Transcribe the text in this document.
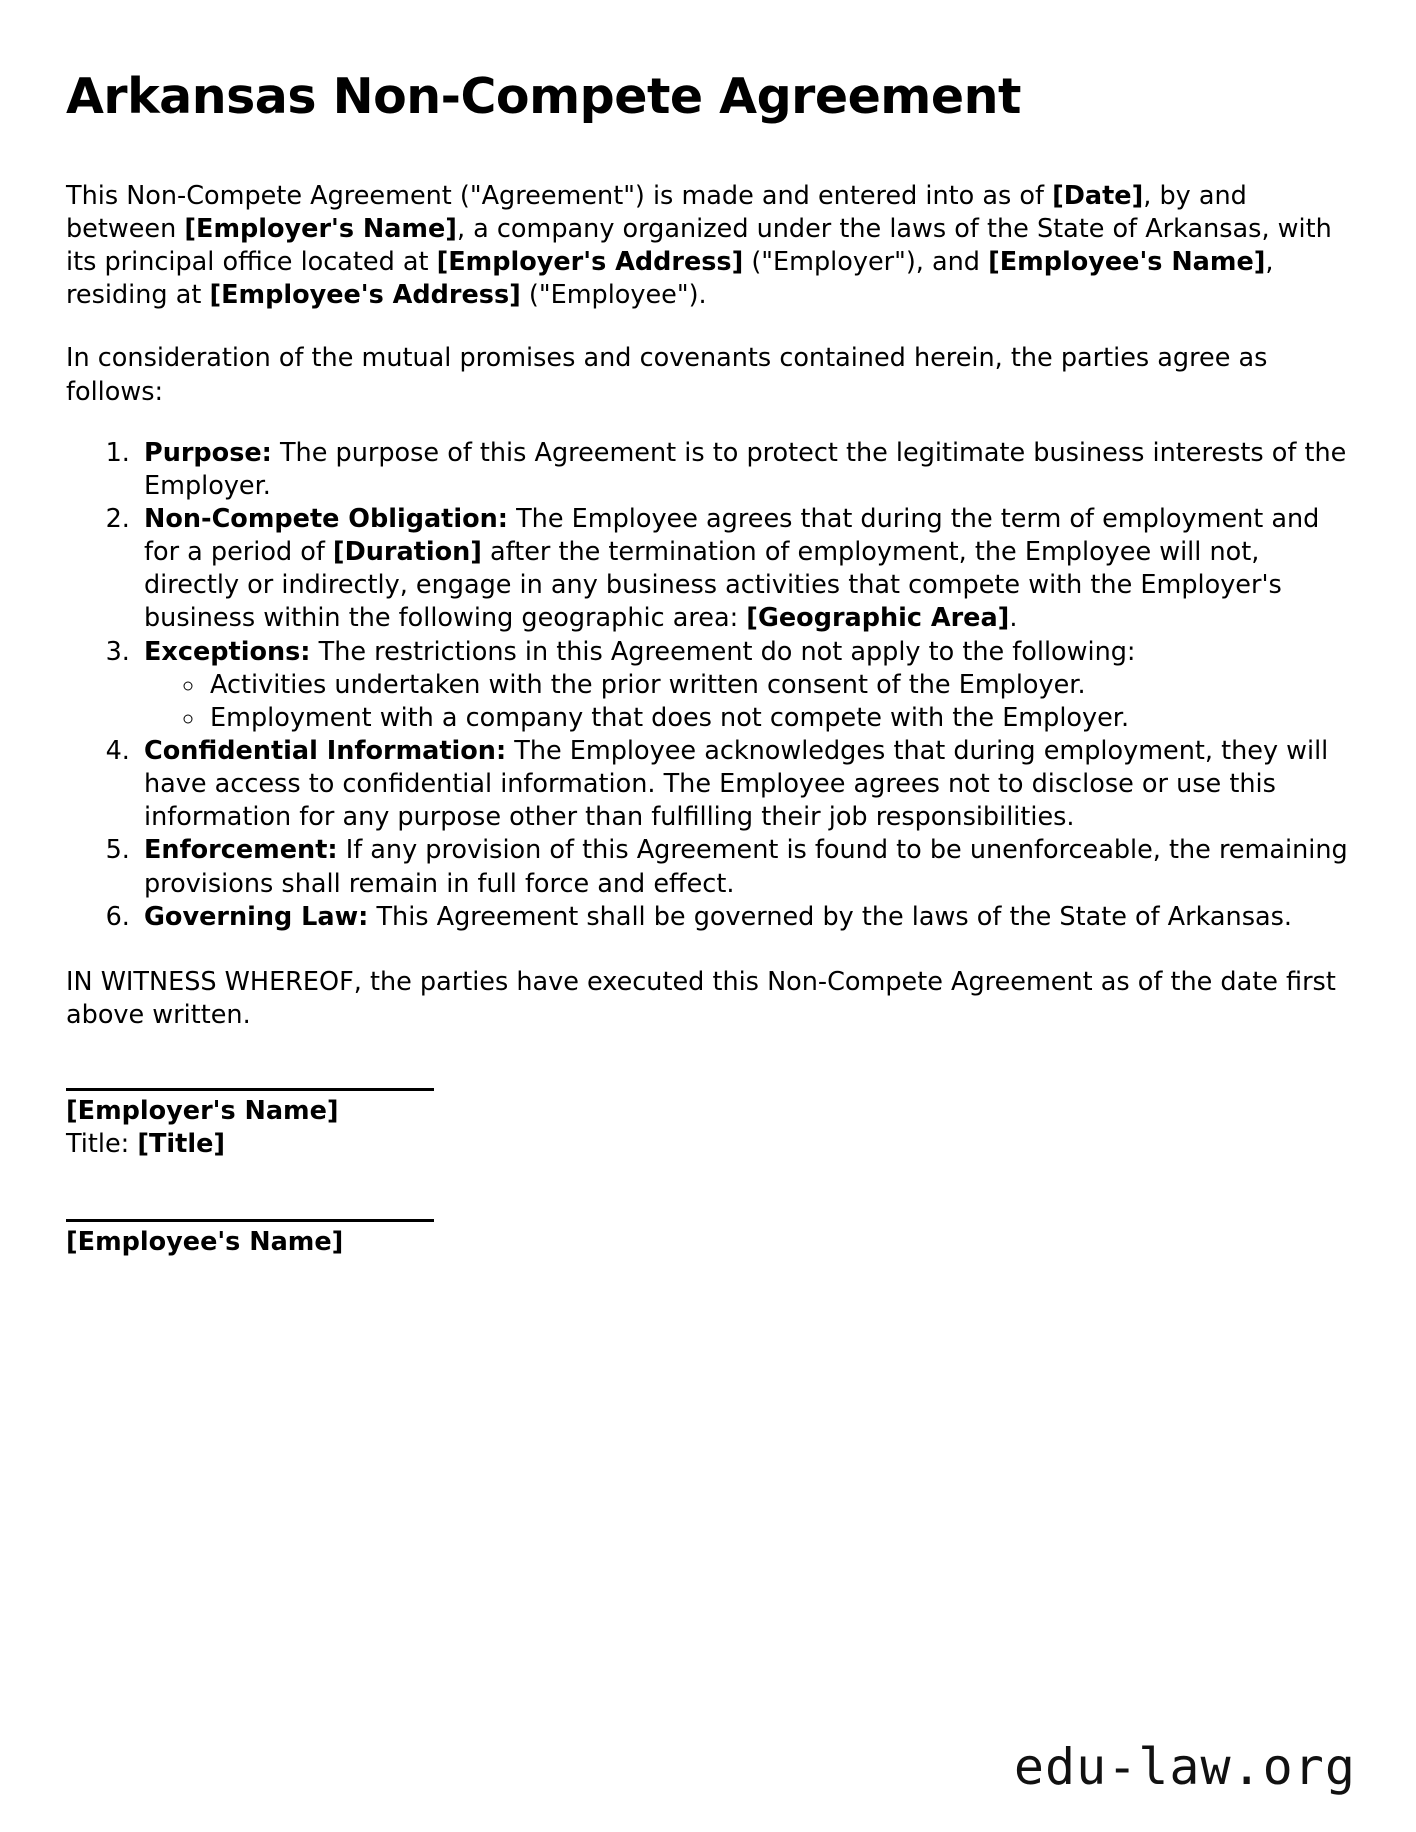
Arkansas Non-Compete Agreement

This Non-Compete Agreement ("Agreement") is made and entered into as of [Date], by and between [Employer's Name], a company organized under the laws of the State of Arkansas, with its principal office located at [Employer's Address] ("Employer"), and [Employee's Name], residing at [Employee's Address] ("Employee").

In consideration of the mutual promises and covenants contained herein, the parties agree as follows:

1. Purpose: The purpose of this Agreement is to protect the legitimate business interests of the Employer.
2. Non-Compete Obligation: The Employee agrees that during the term of employment and for a period of [Duration] after the termination of employment, the Employee will not, directly or indirectly, engage in any business activities that compete with the Employer's business within the following geographic area: [Geographic Area].
3. Exceptions: The restrictions in this Agreement do not apply to the following:
◦ Activities undertaken with the prior written consent of the Employer.
◦ Employment with a company that does not compete with the Employer.
4. Confidential Information: The Employee acknowledges that during employment, they will have access to confidential information. The Employee agrees not to disclose or use this information for any purpose other than fulfilling their job responsibilities.
5. Enforcement: If any provision of this Agreement is found to be unenforceable, the remaining provisions shall remain in full force and effect.
6. Governing Law: This Agreement shall be governed by the laws of the State of Arkansas.

IN WITNESS WHEREOF, the parties have executed this Non-Compete Agreement as of the date first above written.

[Employer's Name]
Title: [Title]
[Employee's Name]
edu-law.org
